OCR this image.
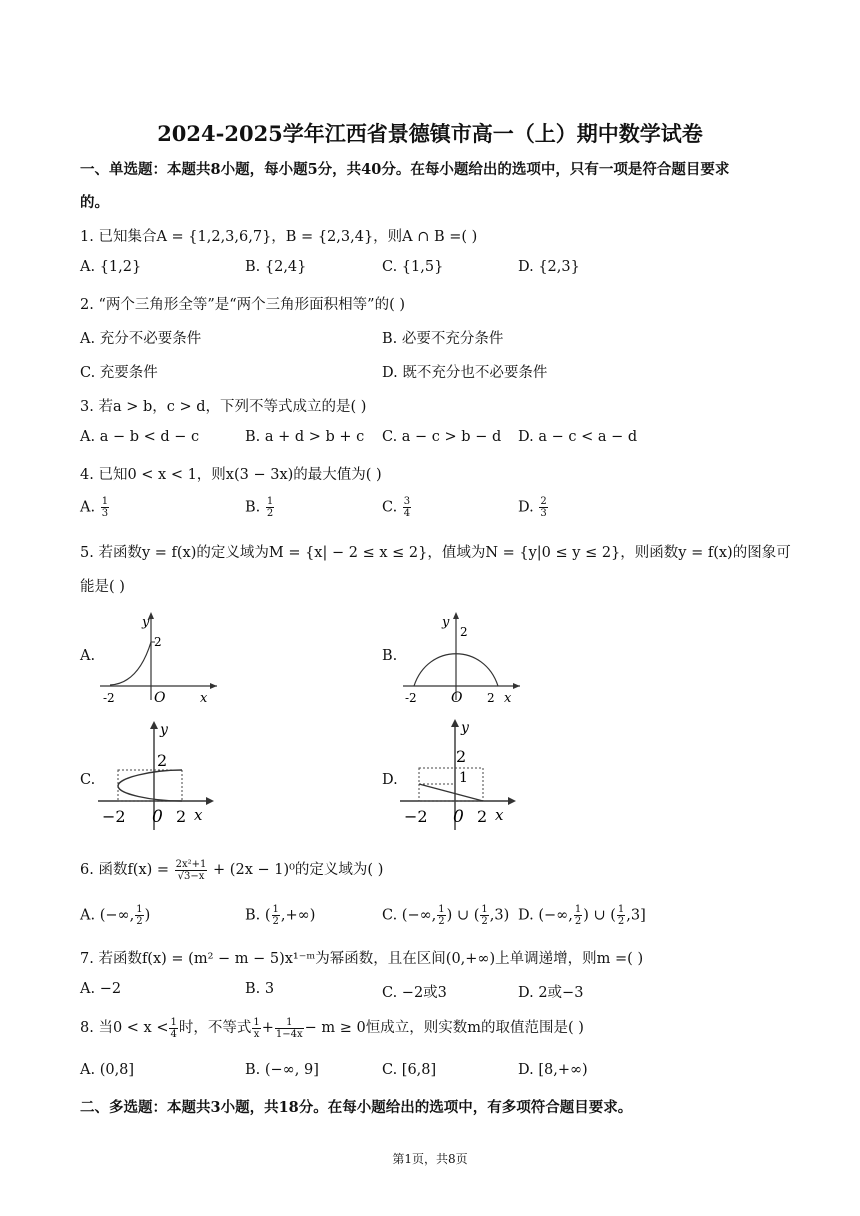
2024-2025学年江西省景德镇市高一（上）期中数学试卷
一、单选题：本题共8小题，每小题5分，共40分。在每小题给出的选项中，只有一项是符合题目要求
的。
1. 已知集合A = {1,2,3,6,7}，B = {2,3,4}，则A ∩ B =( )
A. {1,2}	B. {2,4}	C. {1,5}	D. {2,3}
2. “两个三角形全等”是“两个三角形面积相等”的( )
A. 充分不必要条件	B. 必要不充分条件
C. 充要条件	D. 既不充分也不必要条件
3. 若a > b，c > d，下列不等式成立的是( )
A. a − b < d − c	B. a + d > b + c C. a − c > b − d D. a − c < a − d
4. 已知0 < x < 1，则x(3 − 3x)的最大值为( )
A. $\frac{1}{3}$	B. $\frac{1}{2}$	C. $\frac{3}{4}$	D. $\frac{2}{3}$
5. 若函数y = f(x)的定义域为M = {x| − 2 ≤ x ≤ 2}，值域为N = {y|0 ≤ y ≤ 2}，则函数y = f(x)的图象可
能是( )
A.	B.
C.	D.
y
2
-2	O	x
y
2
-2 O 2 x
y
2
−2 0 2 x
y
2
1
−2 0 2 x
6. 函数$f(x) = \frac{\text{2x²+1}}{√3-x} + (2x - 1)^0$的定义域为( )
A. (−∞, $\frac{1}{2}$ )	B. ( $\frac{1}{2}$ ,+∞)	C. (−∞, $\frac{1}{2}$ ) ∪ ( $\frac{1}{2} ,3$) D. (−∞, $\frac{1}{2}$ ) ∪ ( $\frac{1}{2} ,3$]
7. 若函数f(x) = (m² − m − 5)x¹⁻ᵐ为幂函数，且在区间(0,+∞)上单调递增，则m =( )
A. −2	B. 3	C. −2或3	D. 2或−3
8. 当$0 < x < \frac{1}{4}$ 时，不等式 $\frac{1}{x} + \frac{1}{1-4x} - m \ge 0$恒成立，则实数m的取值范围是( )
A. (0,8]	B. (−∞, 9]	C. [6,8]	D. [8,+∞)
二、多选题：本题共3小题，共18分。在每小题给出的选项中，有多项符合题目要求。
第1页，共8页
